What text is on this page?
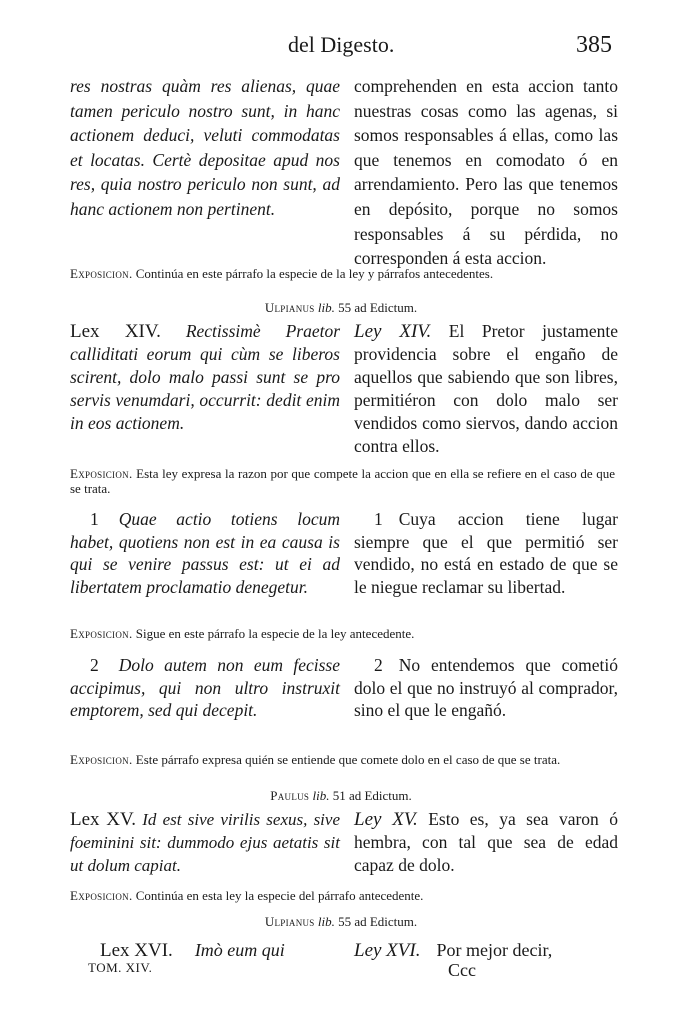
del Digesto.	385
res nostras quàm res alienas, quae tamen periculo nostro sunt, in hanc actionem deduci, veluti commodatas et locatas. Certè depositae apud nos res, quia nostro periculo non sunt, ad hanc actionem non pertinent.
comprehenden en esta accion tanto nuestras cosas como las agenas, si somos responsables á ellas, como las que tenemos en comodato ó en arrendamiento. Pero las que tenemos en depósito, porque no somos responsables á su pérdida, no corresponden á esta accion.
Exposicion. Continúa en este párrafo la especie de la ley y párrafos antecedentes.
Ulpianus lib. 55 ad Edictum.
Lex XIV. Rectissimè Praetor calliditati eorum qui cùm se liberos scirent, dolo malo passi sunt se pro servis venumdari, occurrit: dedit enim in eos actionem.
Ley XIV. El Pretor justamente providencia sobre el engaño de aquellos que sabiendo que son libres, permitiéron con dolo malo ser vendidos como siervos, dando accion contra ellos.
Exposicion. Esta ley expresa la razon por que compete la accion que en ella se refiere en el caso de que se trata.
1 Quae actio totiens locum habet, quotiens non est in ea causa is qui se venire passus est: ut ei ad libertatem proclamatio denegetur.
1 Cuya accion tiene lugar siempre que el que permitió ser vendido, no está en estado de que se le niegue reclamar su libertad.
Exposicion. Sigue en este párrafo la especie de la ley antecedente.
2 Dolo autem non eum fecisse accipimus, qui non ultro instruxit emptorem, sed qui decepit.
2 No entendemos que cometió dolo el que no instruyó al comprador, sino el que le engañó.
Exposicion. Este párrafo expresa quién se entiende que comete dolo en el caso de que se trata.
Paulus lib. 51 ad Edictum.
Lex XV. Id est sive virilis sexus, sive foeminini sit: dummodo ejus aetatis sit ut dolum capiat.
Ley XV. Esto es, ya sea varon ó hembra, con tal que sea de edad capaz de dolo.
Exposicion. Continúa en esta ley la especie del párrafo antecedente.
Ulpianus lib. 55 ad Edictum.
Lex XVI. Imò eum qui	Ley XVI. Por mejor decir,
TOM. XIV.	Ccc
